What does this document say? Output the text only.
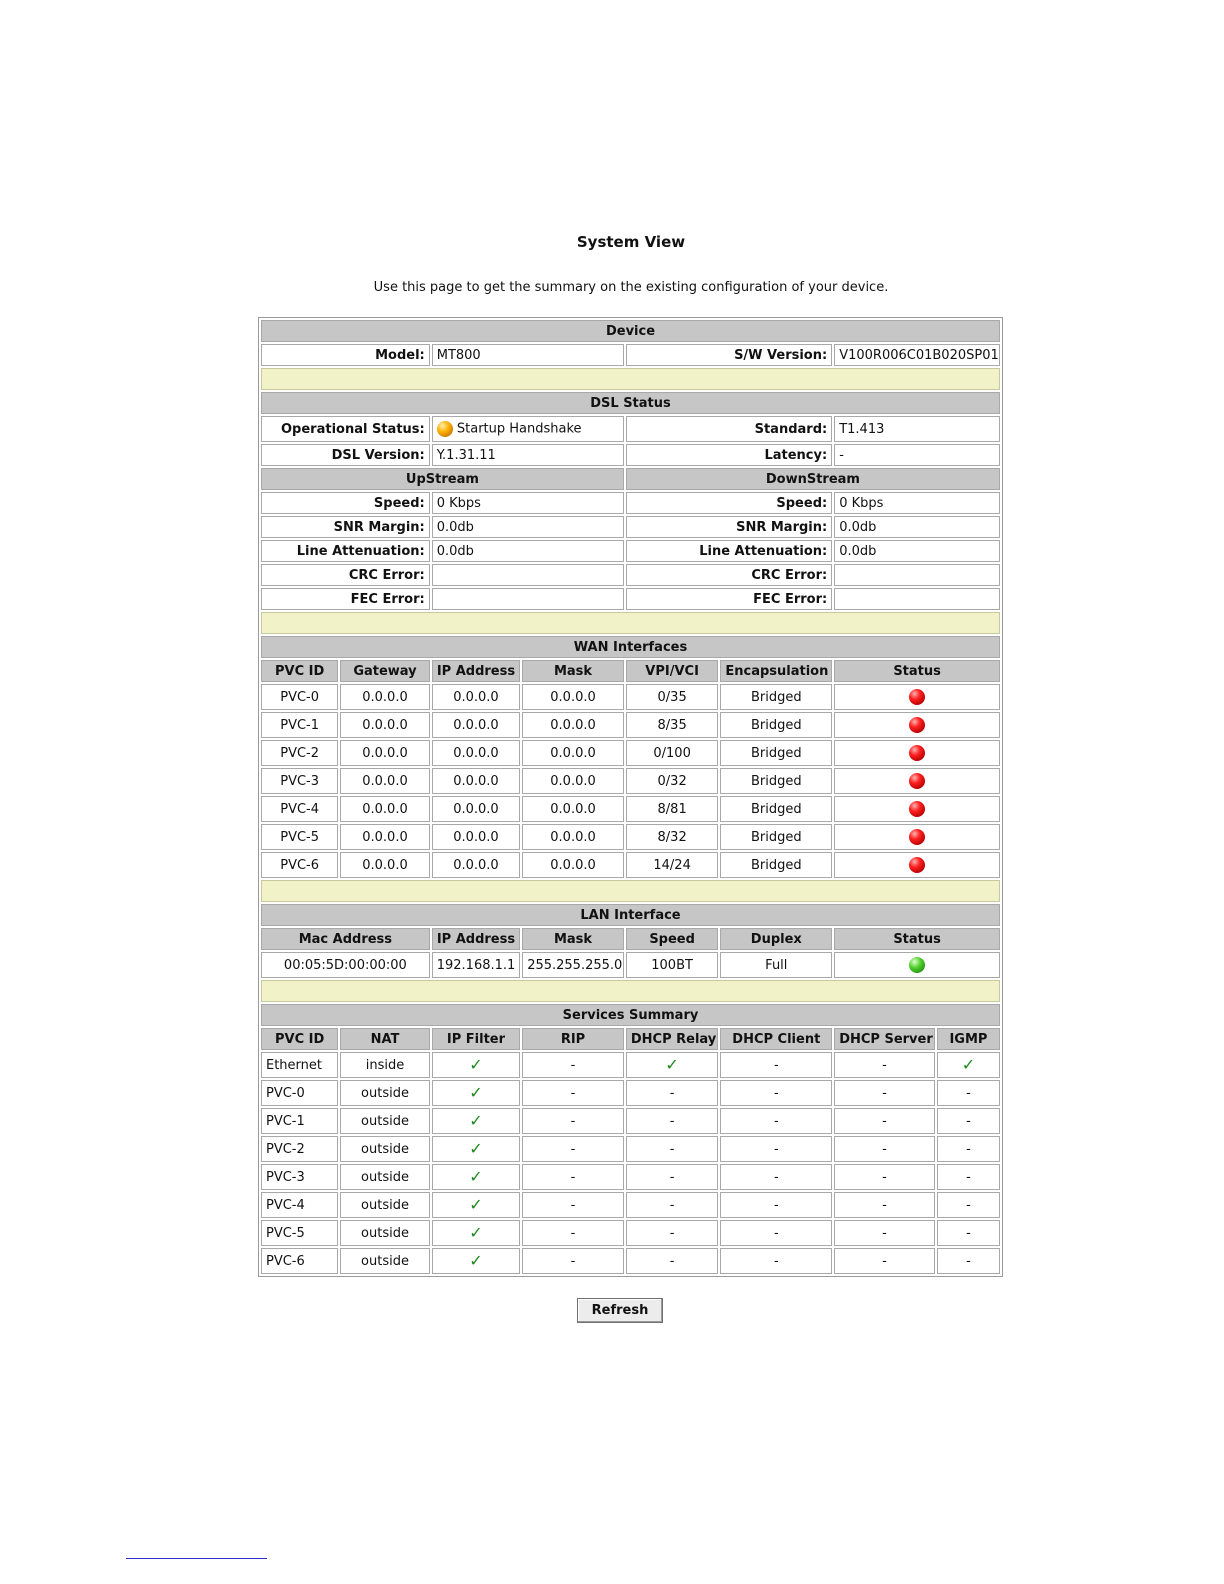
System View
Use this page to get the summary on the existing configuration of your device.
Device							
Model:		MT800		S/W Version:		V100R006C01B020SP01	

DSL Status							
Operational Status:		Startup Handshake		Standard:		T1.413	
DSL Version:		Y.1.31.11		Latency:		-	
UpStream				DownStream			
Speed:		0 Kbps		Speed:		0 Kbps	
SNR Margin:		0.0db		SNR Margin:		0.0db	
Line Attenuation:		0.0db		Line Attenuation:		0.0db	
CRC Error:				CRC Error:			
FEC Error:				FEC Error:			

WAN Interfaces							
PVC ID	Gateway	IP Address	Mask	VPI/VCI	Encapsulation	Status	
PVC-0	0.0.0.0	0.0.0.0	0.0.0.0	0/35	Bridged		
PVC-1	0.0.0.0	0.0.0.0	0.0.0.0	8/35	Bridged		
PVC-2	0.0.0.0	0.0.0.0	0.0.0.0	0/100	Bridged		
PVC-3	0.0.0.0	0.0.0.0	0.0.0.0	0/32	Bridged		
PVC-4	0.0.0.0	0.0.0.0	0.0.0.0	8/81	Bridged		
PVC-5	0.0.0.0	0.0.0.0	0.0.0.0	8/32	Bridged		
PVC-6	0.0.0.0	0.0.0.0	0.0.0.0	14/24	Bridged		

LAN Interface							
Mac Address		IP Address	Mask	Speed	Duplex	Status	
00:05:5D:00:00:00		192.168.1.1	255.255.255.0	100BT	Full		

Services Summary							
PVC ID	NAT	IP Filter	RIP	DHCP Relay	DHCP Client	DHCP Server	IGMP
Ethernet	inside	✓	-	✓	-	-	✓
PVC-0	outside	✓	-	-	-	-	-
PVC-1	outside	✓	-	-	-	-	-
PVC-2	outside	✓	-	-	-	-	-
PVC-3	outside	✓	-	-	-	-	-
PVC-4	outside	✓	-	-	-	-	-
PVC-5	outside	✓	-	-	-	-	-
PVC-6	outside	✓	-	-	-	-	-
Refresh
